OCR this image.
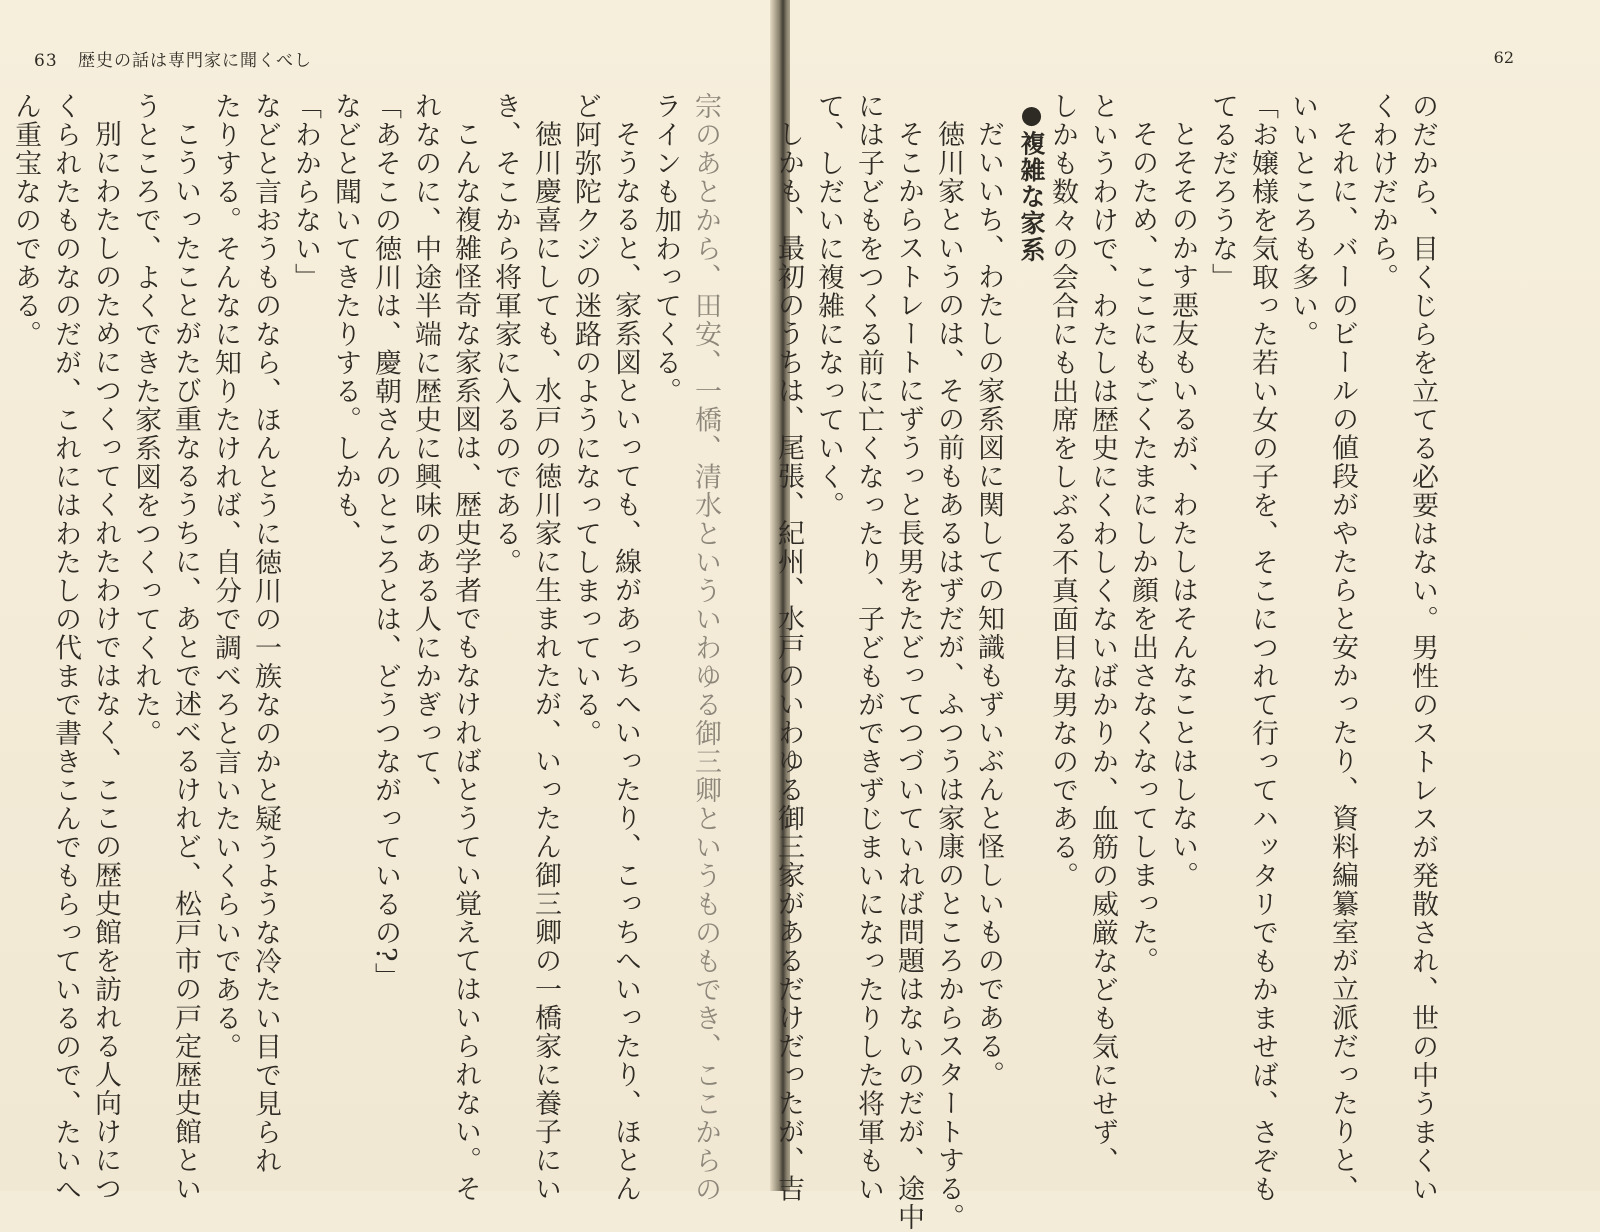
63 歴史の話は専門家に聞くべし
宗のあとから、田安、一橋、清水といういわゆる御三卿というものもでき、ここからの
ラインも加わってくる。
そうなると、家系図といっても、線があっちへいったり、こっちへいったり、ほとん
ど阿弥陀クジの迷路のようになってしまっている。
徳川慶喜にしても、水戸の徳川家に生まれたが、いったん御三卿の一橋家に養子にい
き、そこから将軍家に入るのである。
こんな複雑怪奇な家系図は、歴史学者でもなければとうてい覚えてはいられない。そ
れなのに、中途半端に歴史に興味のある人にかぎって、
「あそこの徳川は、慶朝さんのところとは、どうつながっているの?」
などと聞いてきたりする。しかも、
「わからない」
などと言おうものなら、ほんとうに徳川の一族なのかと疑うような冷たい目で見られ
たりする。そんなに知りたければ、自分で調べろと言いたいくらいである。
こういったことがたび重なるうちに、あとで述べるけれど、松戸市の戸定歴史館とい
うところで、よくできた家系図をつくってくれた。
別にわたしのためにつくってくれたわけではなく、ここの歴史館を訪れる人向けにつ
くられたものなのだが、これにはわたしの代まで書きこんでもらっているので、たいへ
ん重宝なのである。
62
のだから、目くじらを立てる必要はない。男性のストレスが発散され、世の中うまくい
くわけだから。
それに、バーのビールの値段がやたらと安かったり、資料編纂室が立派だったりと、
いいところも多い。
「お嬢様を気取った若い女の子を、そこにつれて行ってハッタリでもかませば、さぞも
てるだろうな」
とそそのかす悪友もいるが、わたしはそんなことはしない。
そのため、ここにもごくたまにしか顔を出さなくなってしまった。
というわけで、わたしは歴史にくわしくないばかりか、血筋の威厳なども気にせず、
しかも数々の会合にも出席をしぶる不真面目な男なのである。
●複雑な家系
だいいち、わたしの家系図に関しての知識もずいぶんと怪しいものである。
徳川家というのは、その前もあるはずだが、ふつうは家康のところからスタートする。
そこからストレートにずうっと長男をたどってつづいていれば問題はないのだが、途中
には子どもをつくる前に亡くなったり、子どもができずじまいになったりした将軍もい
て、しだいに複雑になっていく。
しかも、最初のうちは、尾張、紀州、水戸のいわゆる御三家があるだけだったが、吉
